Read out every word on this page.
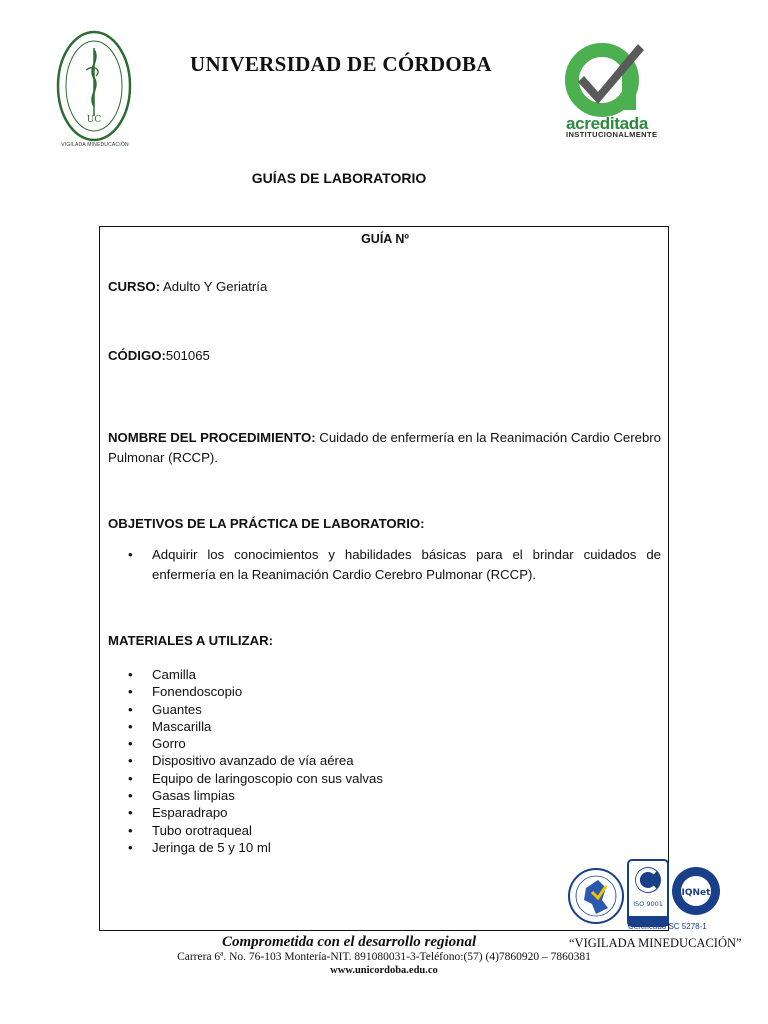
UC
VIGILADA MINEDUCACIÓN
UNIVERSIDAD DE CÓRDOBA
acreditada
INSTITUCIONALMENTE
GUÍAS DE LABORATORIO
GUÍA Nº
CURSO: Adulto Y Geriatría
CÓDIGO:501065
NOMBRE DEL PROCEDIMIENTO: Cuidado de enfermería en la Reanimación Cardio Cerebro Pulmonar (RCCP).
OBJETIVOS DE LA PRÁCTICA DE LABORATORIO:
• Adquirir los conocimientos y habilidades básicas para el brindar cuidados de enfermería en la Reanimación Cardio Cerebro Pulmonar (RCCP).
MATERIALES A UTILIZAR:
• Camilla
• Fonendoscopio
• Guantes
• Mascarilla
• Gorro
• Dispositivo avanzado de vía aérea
• Equipo de laringoscopio con sus valvas
• Gasas limpias
• Esparadrapo
• Tubo orotraqueal
• Jeringa de 5 y 10 ml
ISO 9001
IQNet
Certificado SC 5278-1
Comprometida con el desarrollo regional	“VIGILADA MINEDUCACIÓN”
Carrera 6ª. No. 76-103 Montería-NIT. 891080031-3-Teléfono:(57) (4)7860920 – 7860381
www.unicordoba.edu.co
